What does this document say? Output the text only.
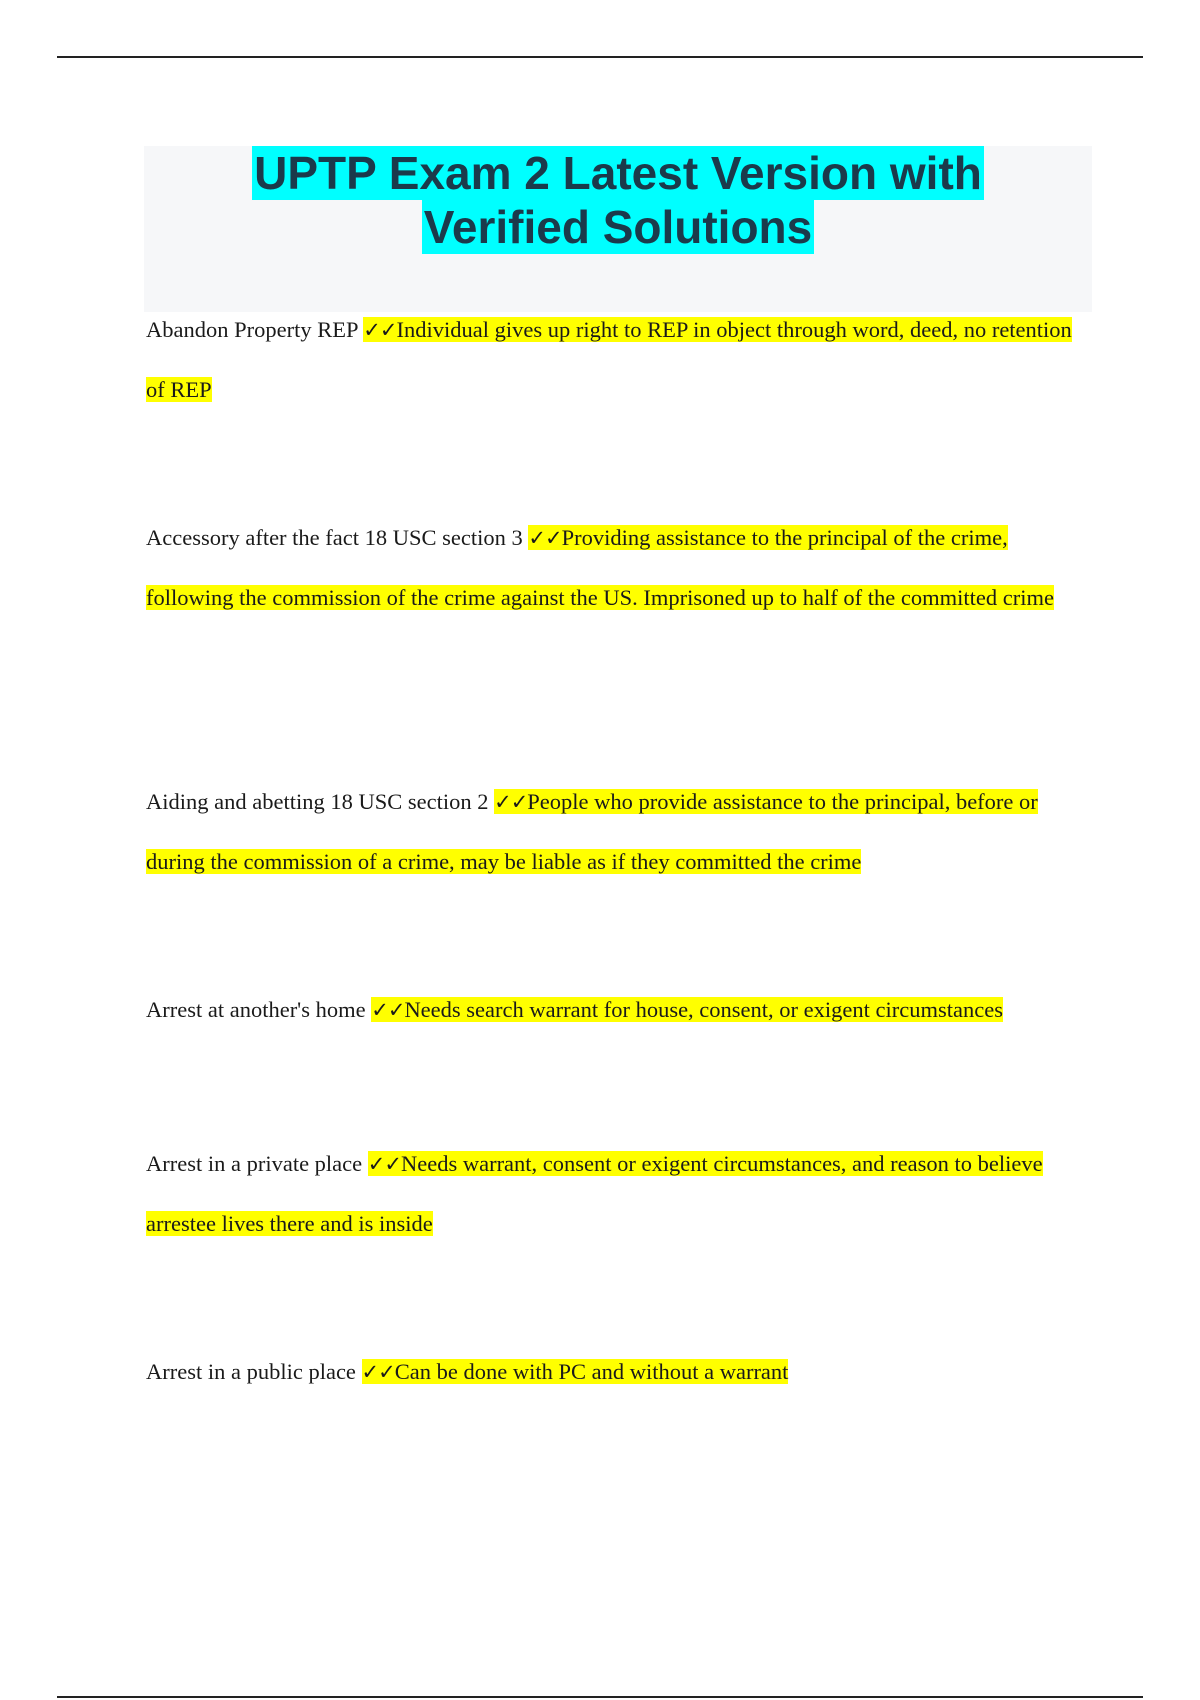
UPTP Exam 2 Latest Version with
Verified Solutions
Abandon Property REP ✓✓Individual gives up right to REP in object through word, deed, no retention of REP
Accessory after the fact 18 USC section 3 ✓✓Providing assistance to the principal of the crime, following the commission of the crime against the US. Imprisoned up to half of the committed crime
Aiding and abetting 18 USC section 2 ✓✓People who provide assistance to the principal, before or during the commission of a crime, may be liable as if they committed the crime
Arrest at another's home ✓✓Needs search warrant for house, consent, or exigent circumstances
Arrest in a private place ✓✓Needs warrant, consent or exigent circumstances, and reason to believe arrestee lives there and is inside
Arrest in a public place ✓✓Can be done with PC and without a warrant
